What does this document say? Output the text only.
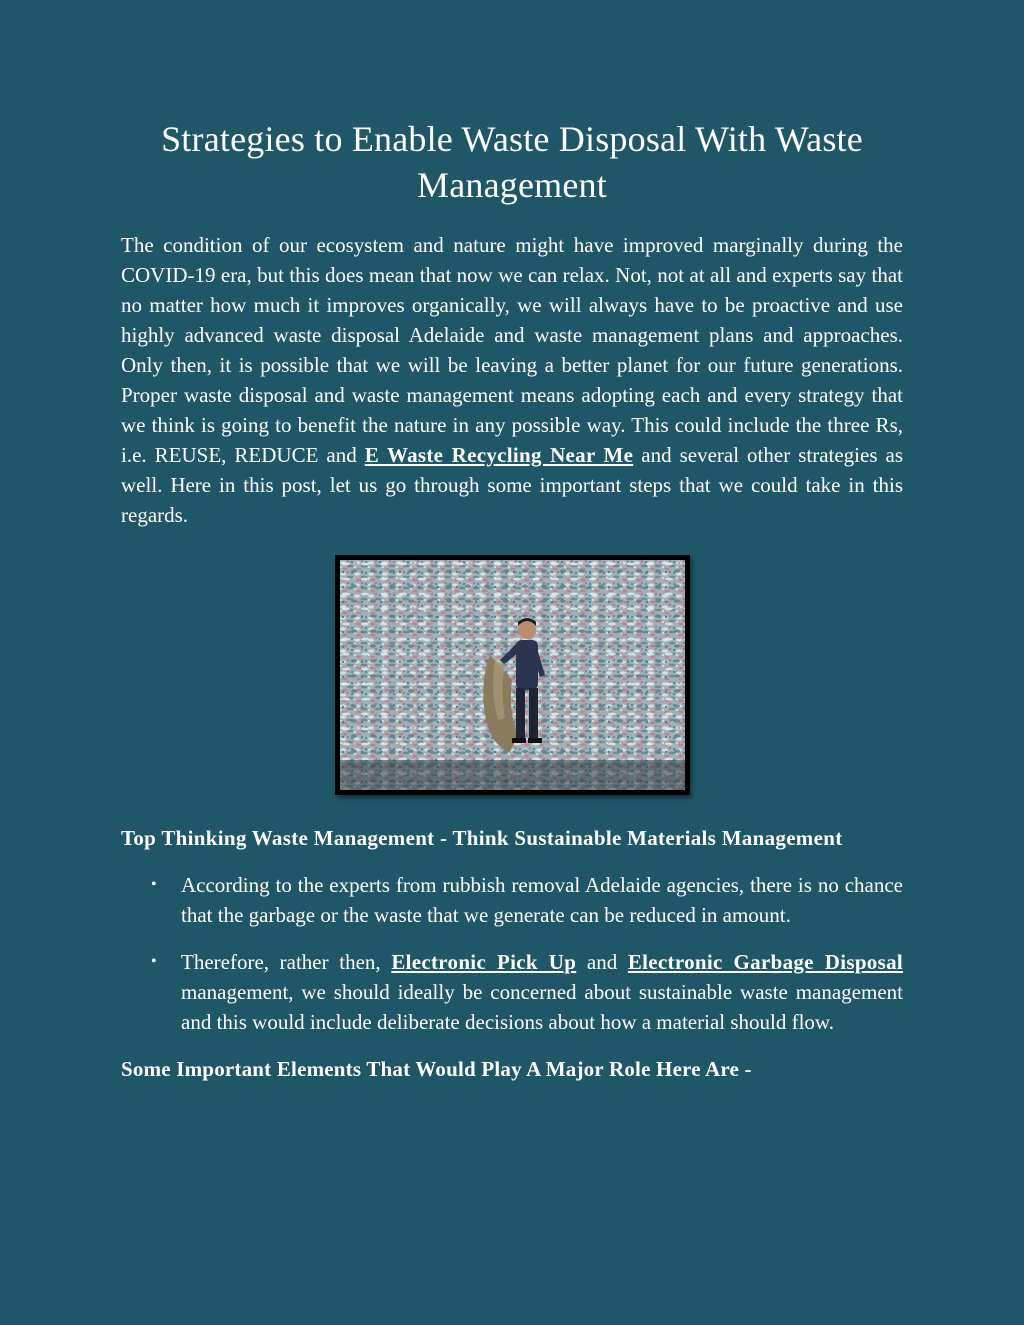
Strategies to Enable Waste Disposal With Waste Management

The condition of our ecosystem and nature might have improved marginally during the COVID-19 era, but this does mean that now we can relax. Not, not at all and experts say that no matter how much it improves organically, we will always have to be proactive and use highly advanced waste disposal Adelaide and waste management plans and approaches. Only then, it is possible that we will be leaving a better planet for our future generations. Proper waste disposal and waste management means adopting each and every strategy that we think is going to benefit the nature in any possible way. This could include the three Rs, i.e. REUSE, REDUCE and E Waste Recycling Near Me and several other strategies as well. Here in this post, let us go through some important steps that we could take in this regards.

Top Thinking Waste Management - Think Sustainable Materials Management

• According to the experts from rubbish removal Adelaide agencies, there is no chance that the garbage or the waste that we generate can be reduced in amount.
• Therefore, rather then, Electronic Pick Up and Electronic Garbage Disposal management, we should ideally be concerned about sustainable waste management and this would include deliberate decisions about how a material should flow.

Some Important Elements That Would Play A Major Role Here Are -
